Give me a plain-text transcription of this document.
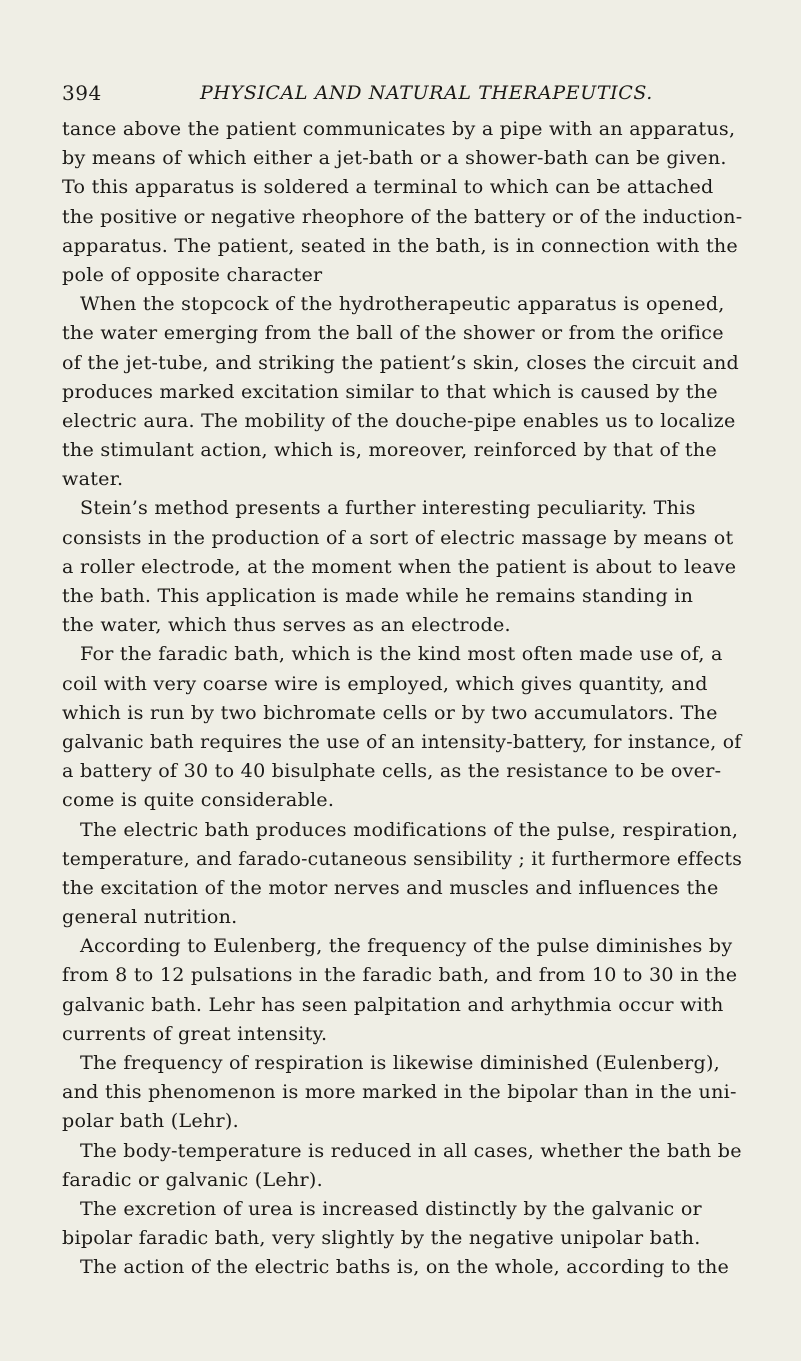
394	PHYSICAL AND NATURAL THERAPEUTICS.
tance above the patient communicates by a pipe with an apparatus,
by means of which either a jet-bath or a shower-bath can be given.
To this apparatus is soldered a terminal to which can be attached
the positive or negative rheophore of the battery or of the induction-
apparatus. The patient, seated in the bath, is in connection with the
pole of opposite character
When the stopcock of the hydrotherapeutic apparatus is opened,
the water emerging from the ball of the shower or from the orifice
of the jet-tube, and striking the patient’s skin, closes the circuit and
produces marked excitation similar to that which is caused by the
electric aura. The mobility of the douche-pipe enables us to localize
the stimulant action, which is, moreover, reinforced by that of the
water.
Stein’s method presents a further interesting peculiarity. This
consists in the production of a sort of electric massage by means ot
a roller electrode, at the moment when the patient is about to leave
the bath. This application is made while he remains standing in
the water, which thus serves as an electrode.
For the faradic bath, which is the kind most often made use of, a
coil with very coarse wire is employed, which gives quantity, and
which is run by two bichromate cells or by two accumulators. The
galvanic bath requires the use of an intensity-battery, for instance, of
a battery of 30 to 40 bisulphate cells, as the resistance to be over-
come is quite considerable.
The electric bath produces modifications of the pulse, respiration,
temperature, and farado-cutaneous sensibility ; it furthermore effects
the excitation of the motor nerves and muscles and influences the
general nutrition.
According to Eulenberg, the frequency of the pulse diminishes by
from 8 to 12 pulsations in the faradic bath, and from 10 to 30 in the
galvanic bath. Lehr has seen palpitation and arhythmia occur with
currents of great intensity.
The frequency of respiration is likewise diminished (Eulenberg),
and this phenomenon is more marked in the bipolar than in the uni-
polar bath (Lehr).
The body-temperature is reduced in all cases, whether the bath be
faradic or galvanic (Lehr).
The excretion of urea is increased distinctly by the galvanic or
bipolar faradic bath, very slightly by the negative unipolar bath.
The action of the electric baths is, on the whole, according to the
